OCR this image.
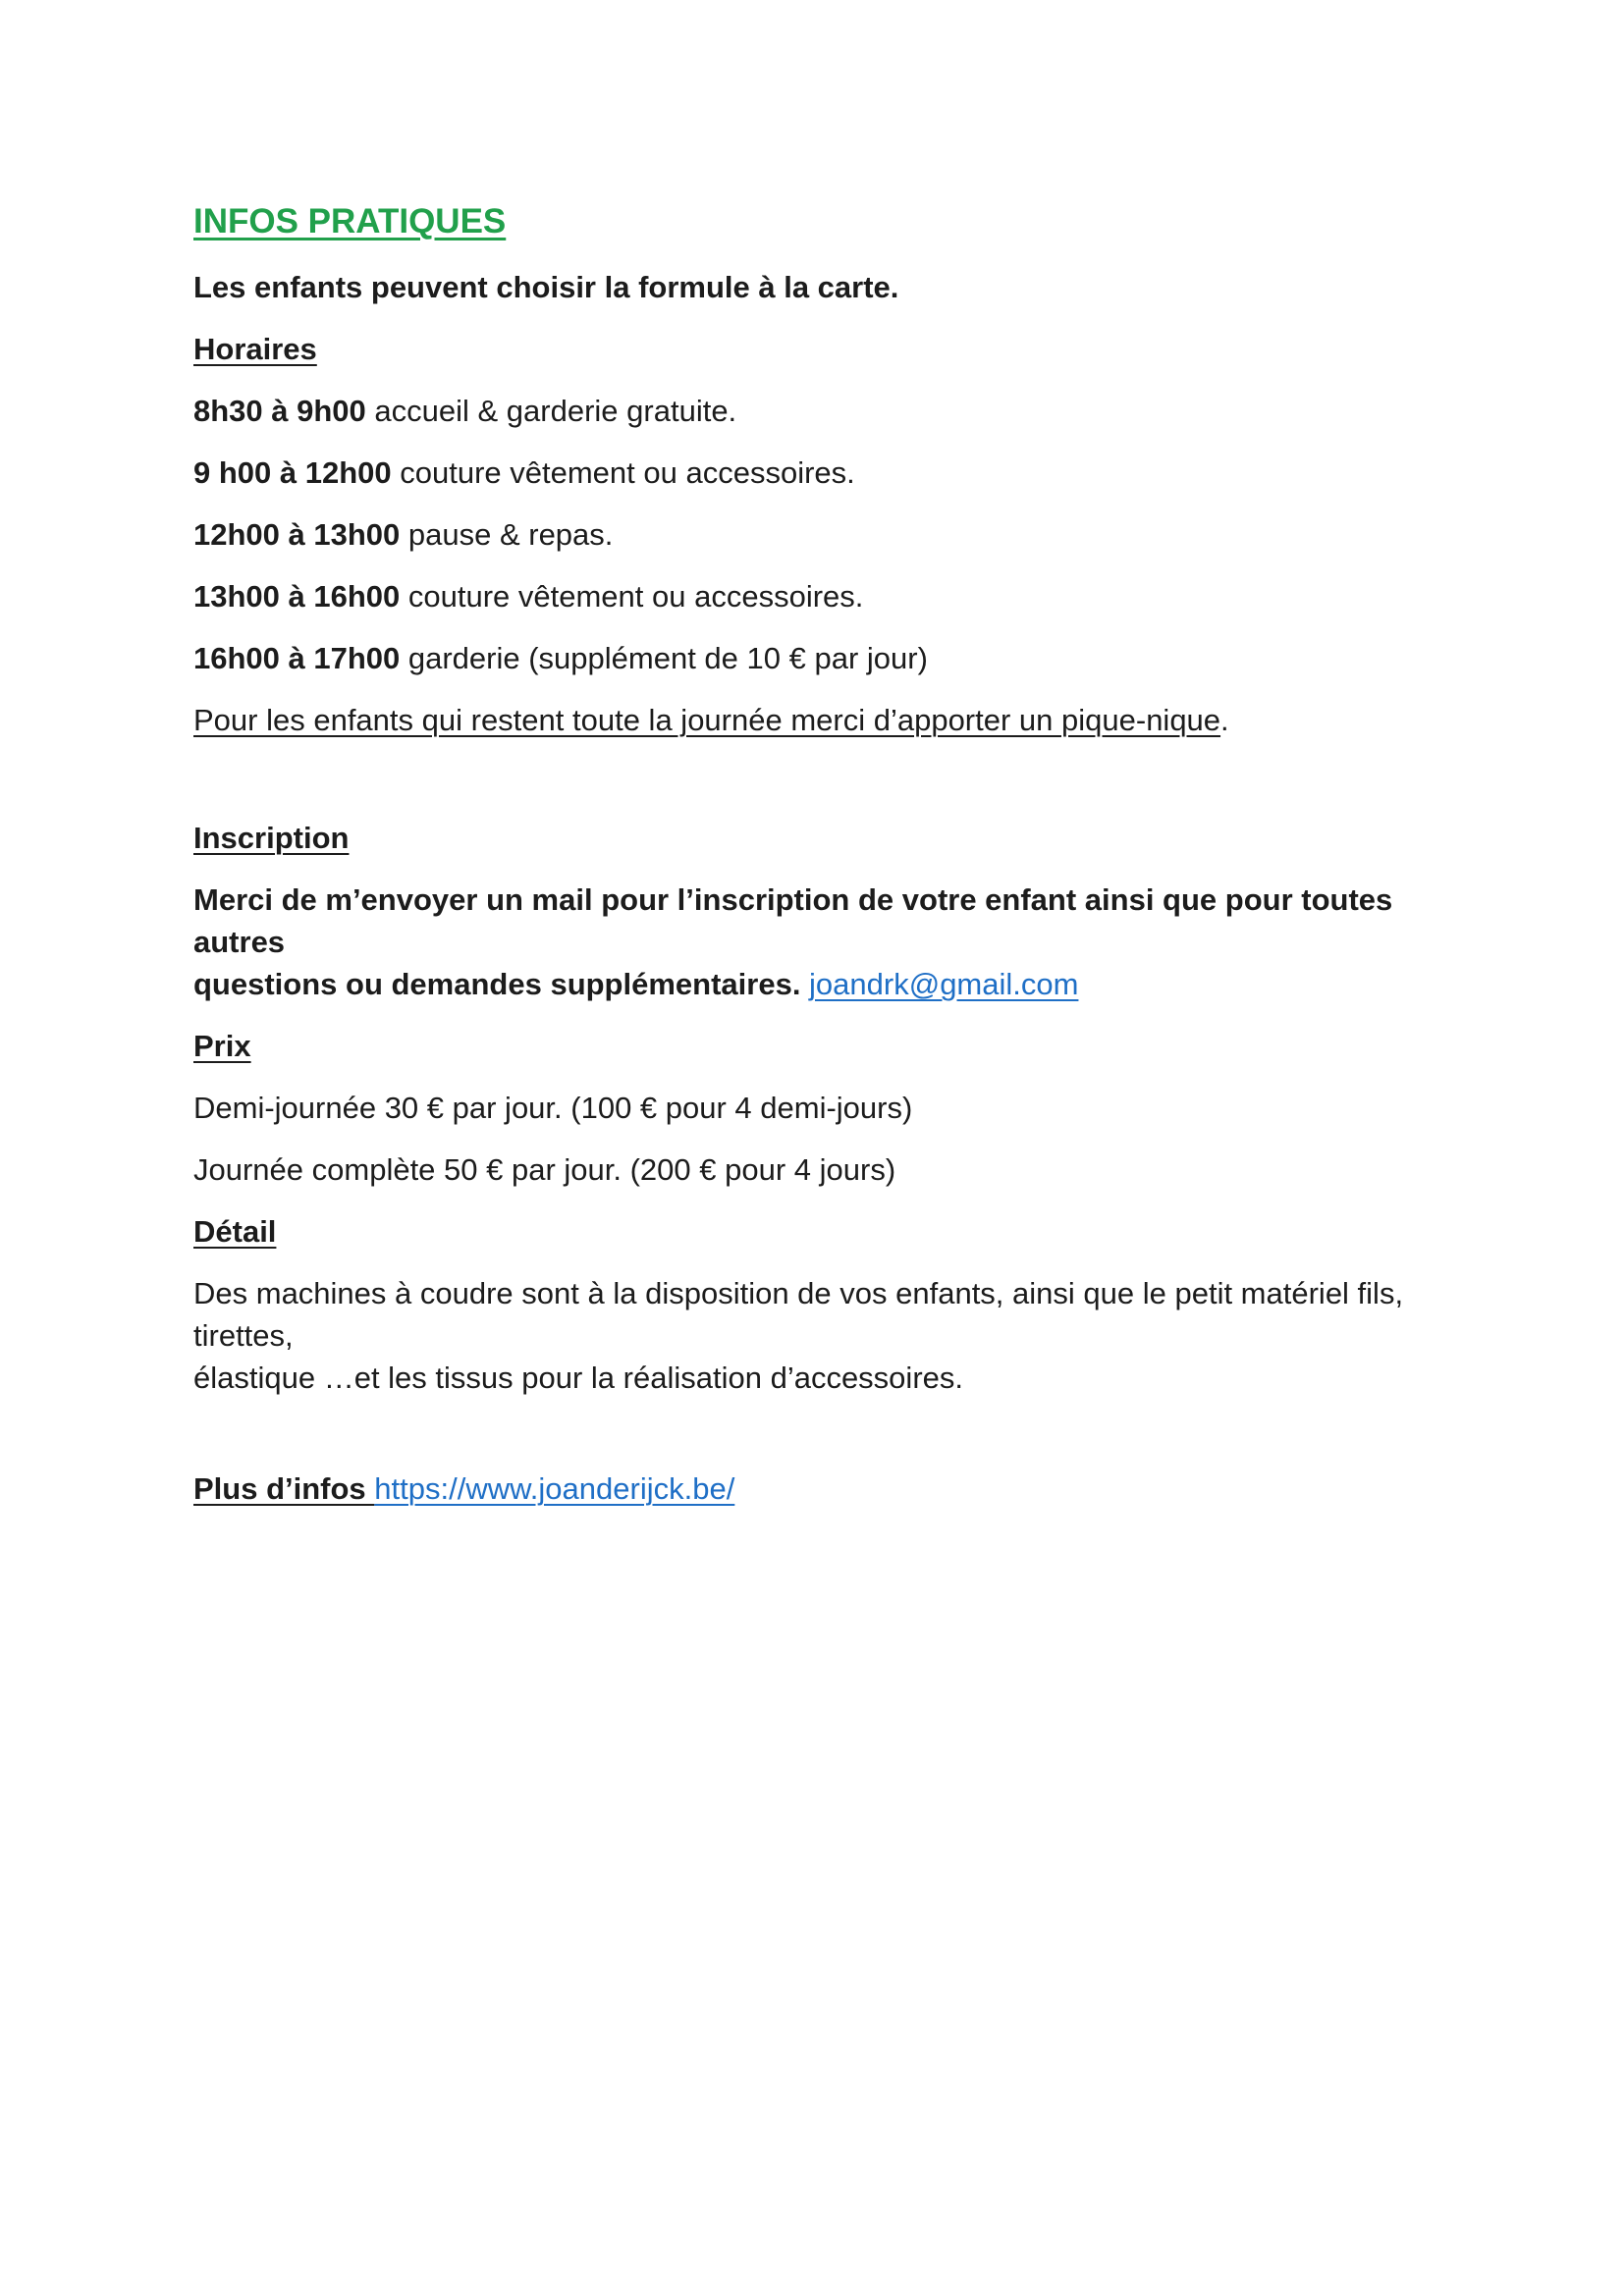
INFOS PRATIQUES

Les enfants peuvent choisir la formule à la carte.

Horaires

8h30 à 9h00 accueil & garderie gratuite.

9 h00 à 12h00 couture vêtement ou accessoires.

12h00 à 13h00 pause & repas.

13h00 à 16h00 couture vêtement ou accessoires.

16h00 à 17h00 garderie (supplément de 10 € par jour)

Pour les enfants qui restent toute la journée merci d’apporter un pique-nique.

Inscription

Merci de m’envoyer un mail pour l’inscription de votre enfant ainsi que pour toutes autres
questions ou demandes supplémentaires. joandrk@gmail.com

Prix

Demi-journée 30 € par jour. (100 € pour 4 demi-jours)

Journée complète 50 € par jour. (200 € pour 4 jours)

Détail

Des machines à coudre sont à la disposition de vos enfants, ainsi que le petit matériel fils, tirettes,
élastique …et les tissus pour la réalisation d’accessoires.

Plus d’infos https://www.joanderijck.be/
